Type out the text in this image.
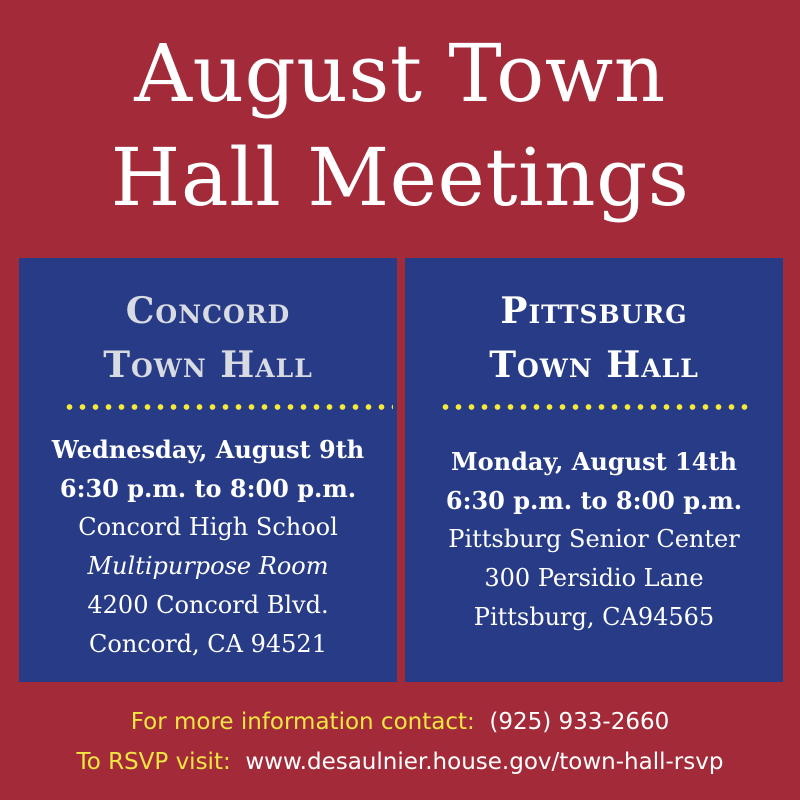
August Town
Hall Meetings
Concord
Town Hall
Wednesday, August 9th
6:30 p.m. to 8:00 p.m.
Concord High School
Multipurpose Room
4200 Concord Blvd.
Concord, CA 94521
Pittsburg
Town Hall
Monday, August 14th
6:30 p.m. to 8:00 p.m.
Pittsburg Senior Center
300 Persidio Lane
Pittsburg, CA94565
For more information contact: (925) 933-2660
To RSVP visit: www.desaulnier.house.gov/town-hall-rsvp
